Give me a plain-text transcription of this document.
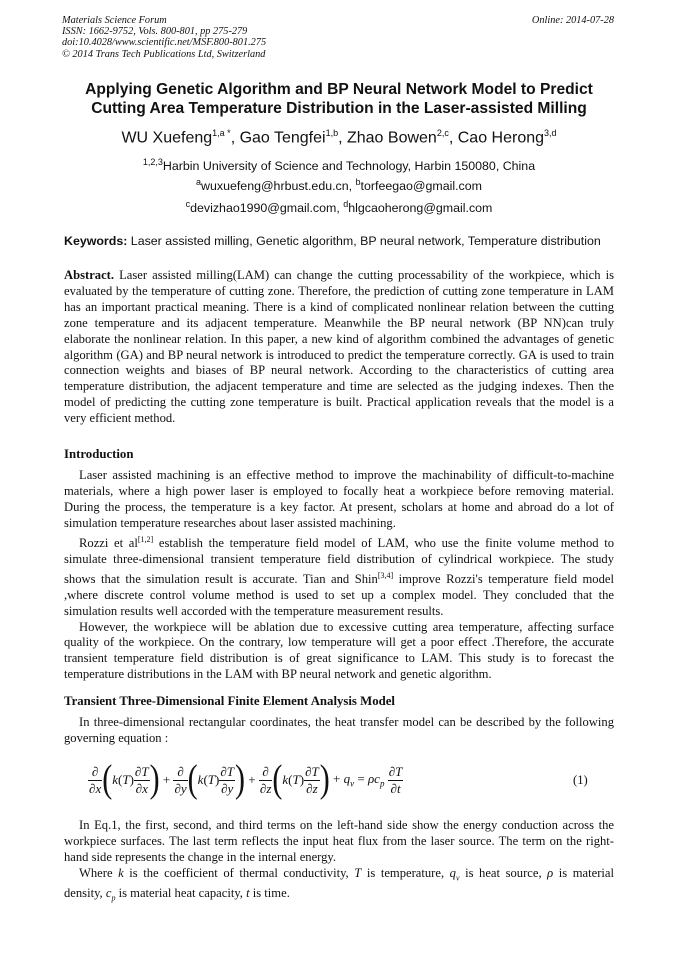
Materials Science Forum
ISSN: 1662-9752, Vols. 800-801, pp 275-279
doi:10.4028/www.scientific.net/MSF.800-801.275
© 2014 Trans Tech Publications Ltd, Switzerland
Online: 2014-07-28
Applying Genetic Algorithm and BP Neural Network Model to Predict
Cutting Area Temperature Distribution in the Laser-assisted Milling
WU Xuefeng$^{1,a *}$, Gao Tengfei$^{1,b}$, Zhao Bowen$^{2,c}$, Cao Herong$^{3,d}$
$^{1,2,3}$Harbin University of Science and Technology, Harbin 150080, China
$^a$wuxuefeng@hrbust.edu.cn, $^b$torfeegao@gmail.com
$^c$devizhao1990@gmail.com, $^d$hlgcaoherong@gmail.com
Keywords: Laser assisted milling, Genetic algorithm, BP neural network, Temperature distribution

Abstract. Laser assisted milling(LAM) can change the cutting processability of the workpiece, which is evaluated by the temperature of cutting zone. Therefore, the prediction of cutting zone temperature in LAM has an important practical meaning. There is a kind of complicated nonlinear relation between the cutting zone temperature and its adjacent temperature. Meanwhile the BP neural network (BP NN)can truly elaborate the nonlinear relation. In this paper, a new kind of algorithm combined the advantages of genetic algorithm (GA) and BP neural network is introduced to predict the temperature correctly. GA is used to train connection weights and biases of BP neural network. According to the characteristics of cutting area temperature distribution, the adjacent temperature and time are selected as the judging indexes. Then the model of predicting the cutting zone temperature is built. Practical application reveals that the model is a very efficient method.

Introduction

Laser assisted machining is an effective method to improve the machinability of difficult-to-machine materials, where a high power laser is employed to focally heat a workpiece before removing material. During the process, the temperature is a key factor. At present, scholars at home and abroad do a lot of simulation temperature researches about laser assisted machining.

Rozzi et al[1,2] establish the temperature field model of LAM, who use the finite volume method to simulate three-dimensional transient temperature field distribution of cylindrical workpiece. The study shows that the simulation result is accurate. Tian and Shin[3,4] improve Rozzi's temperature field model ,where discrete control volume method is used to set up a complex model. They concluded that the simulation results well accorded with the temperature measurement results.

However, the workpiece will be ablation due to excessive cutting area temperature, affecting surface quality of the workpiece. On the contrary, low temperature will get a poor effect .Therefore, the accurate transient temperature field distribution is of great significance to LAM. This study is to forecast the temperature distributions in the LAM with BP neural network and genetic algorithm.

Transient Three-Dimensional Finite Element Analysis Model

In three-dimensional rectangular coordinates, the heat transfer model can be described by the following governing equation :

$\frac{\partial}{\partial x}$ ( $k(T) \frac{\partial T}{\partial x}$ ) + $\frac{\partial}{\partial y}$ ( $k(T) \frac{\partial T}{\partial y}$ ) + $\frac{\partial}{\partial z}$ ( $k(T) \frac{\partial T}{\partial z}$ ) + $q_v = \rho c_p \frac{\partial T}{\partial t}$	(1)

In Eq.1, the first, second, and third terms on the left-hand side show the energy conduction across the workpiece surfaces. The last term reflects the input heat flux from the laser source. The term on the right-hand side represents the change in the internal energy.

Where k is the coefficient of thermal conductivity, T is temperature, $q_v$ is heat source, ρ is material density, $c_p$ is material heat capacity, t is time.
